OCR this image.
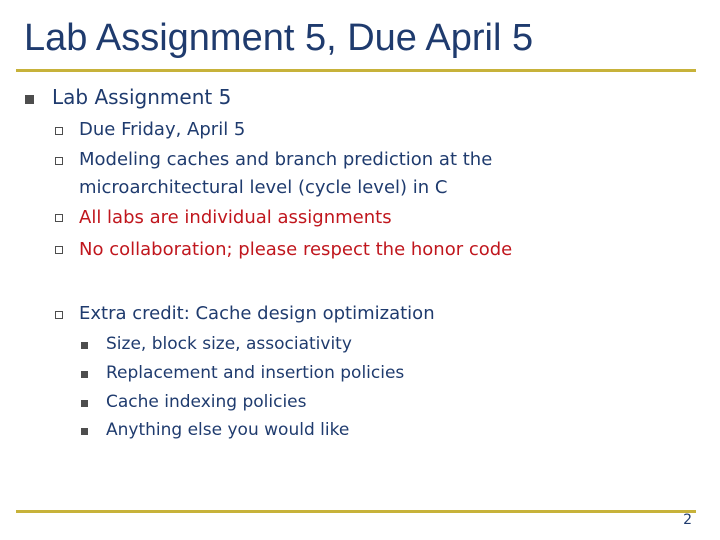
Lab Assignment 5, Due April 5
Lab Assignment 5
Due Friday, April 5
Modeling caches and branch prediction at the
microarchitectural level (cycle level) in C
All labs are individual assignments
No collaboration; please respect the honor code
Extra credit: Cache design optimization
Size, block size, associativity
Replacement and insertion policies
Cache indexing policies
Anything else you would like
2
